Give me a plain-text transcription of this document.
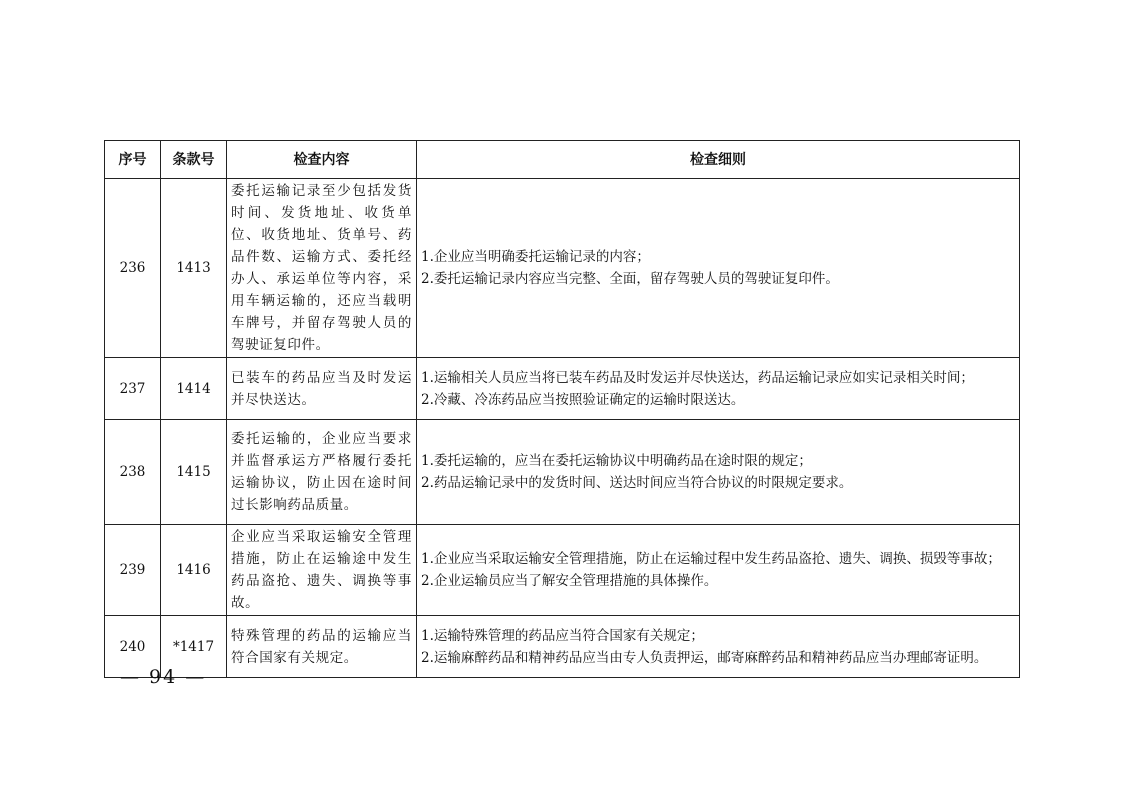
序号	条款号	检查内容	检查细则
236	1413	委托运输记录至少包括发货时间、发货地址、收货单位、收货地址、货单号、药品件数、运输方式、委托经办人、承运单位等内容，采用车辆运输的，还应当载明车牌号，并留存驾驶人员的驾驶证复印件。	1.企业应当明确委托运输记录的内容；
2.委托运输记录内容应当完整、全面，留存驾驶人员的驾驶证复印件。

237	1414	已装车的药品应当及时发运并尽快送达。	1.运输相关人员应当将已装车药品及时发运并尽快送达，药品运输记录应如实记录相关时间；
2.冷藏、冷冻药品应当按照验证确定的运输时限送达。

238	1415	委托运输的，企业应当要求并监督承运方严格履行委托运输协议，防止因在途时间过长影响药品质量。	1.委托运输的，应当在委托运输协议中明确药品在途时限的规定；
2.药品运输记录中的发货时间、送达时间应当符合协议的时限规定要求。

239	1416	企业应当采取运输安全管理措施，防止在运输途中发生药品盗抢、遗失、调换等事故。	1.企业应当采取运输安全管理措施，防止在运输过程中发生药品盗抢、遗失、调换、损毁等事故；
2.企业运输员应当了解安全管理措施的具体操作。

240	*1417	特殊管理的药品的运输应当符合国家有关规定。	1.运输特殊管理的药品应当符合国家有关规定；
2.运输麻醉药品和精神药品应当由专人负责押运，邮寄麻醉药品和精神药品应当办理邮寄证明。
— 94 —
